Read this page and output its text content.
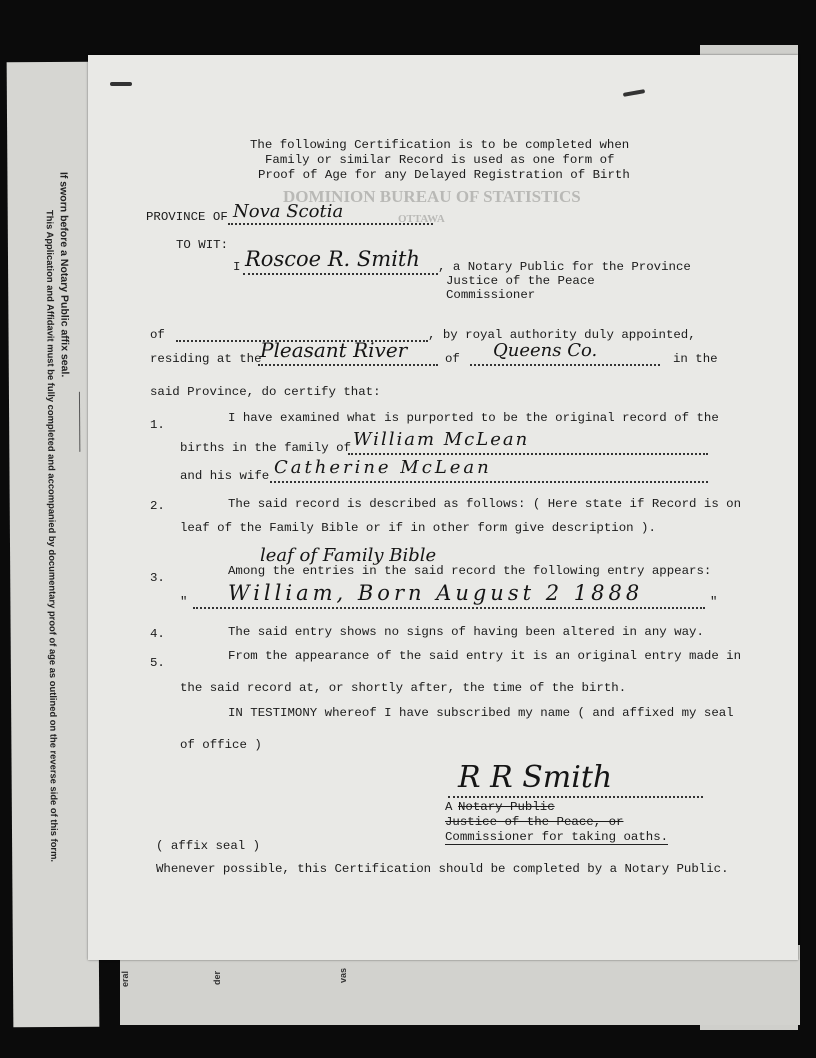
If sworn before a Notary Public affix seal.
This Application and Affidavit must be fully completed and accompanied by documentary proof of age as outlined on the reverse side of this form.
eral	der	vas
DOMINION BUREAU OF STATISTICS
OTTAWA
The following Certification is to be completed when
Family or similar Record is used as one form of
Proof of Age for any Delayed Registration of Birth
PROVINCE OF Nova Scotia
TO WIT:
I Roscoe R. Smith , a Notary Public for the Province
Justice of the Peace
Commissioner
of	, by royal authority duly appointed,
residing at the
Pleasant River	of Queens Co.	in the
said Province, do certify that:
1.	I have examined what is purported to be the original record of the
births in the family of William McLean
and his wife Catherine McLean
2.	The said record is described as follows: ( Here state if Record is on
leaf of the Family Bible or if in other form give description ).
leaf of Family Bible
3.	Among the entries in the said record the following entry appears:
" William, Born August 2 1888	"
4.	The said entry shows no signs of having been altered in any way.
5.	From the appearance of the said entry it is an original entry made in
the said record at, or shortly after, the time of the birth.
IN TESTIMONY whereof I have subscribed my name ( and affixed my seal
of office )
R R Smith
A Notary Public
Justice of the Peace, or
Commissioner for taking oaths.
( affix seal )
Whenever possible, this Certification should be completed by a Notary Public.
